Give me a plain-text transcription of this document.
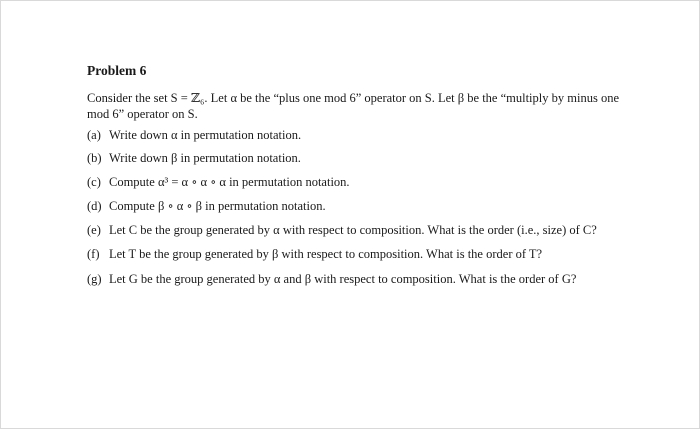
Problem 6

Consider the set S = ℤ₆. Let α be the “plus one mod 6” operator on S. Let β be the “multiply by minus one mod 6” operator on S.

(a) Write down α in permutation notation.
(b) Write down β in permutation notation.
(c) Compute α³ = α ∘ α ∘ α in permutation notation.
(d) Compute β ∘ α ∘ β in permutation notation.
(e) Let C be the group generated by α with respect to composition. What is the order (i.e., size) of C?
(f) Let T be the group generated by β with respect to composition. What is the order of T?
(g) Let G be the group generated by α and β with respect to composition. What is the order of G?
